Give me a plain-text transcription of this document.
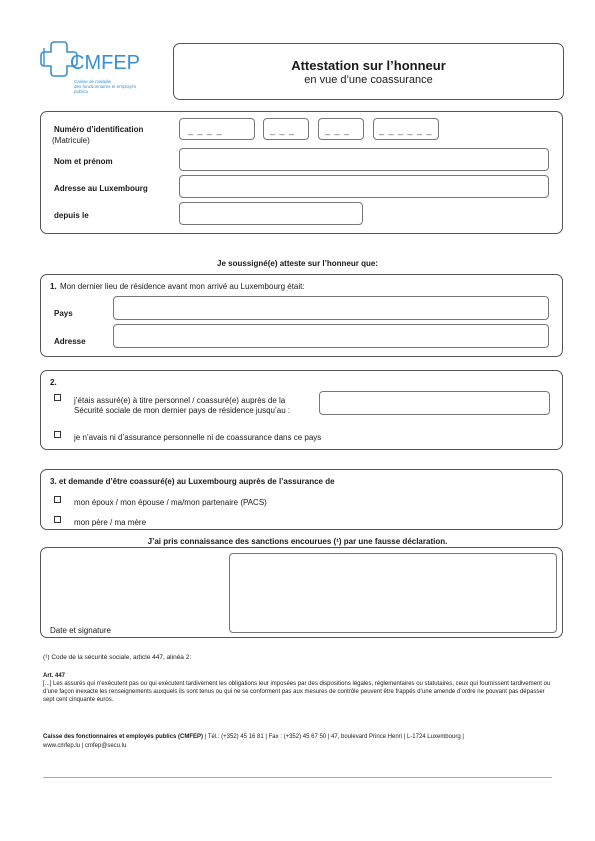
CMFEP
Caisse de maladie
des fonctionnaires et employés
publics
Attestation sur l’honneur
en vue d’une coassurance
Numéro d’identification
(Matricule)
_ _ _ _	_ _ _	_ _ _	_ _ _ _ _ _
Nom et prénom
Adresse au Luxembourg
depuis le
Je soussigné(e) atteste sur l’honneur que:
1. Mon dernier lieu de résidence avant mon arrivé au Luxembourg était:
Pays
Adresse
2.
j’étais assuré(e) à titre personnel / coassuré(e) auprès de la
Sécurité sociale de mon dernier pays de résidence jusqu’au :
je n’avais ni d’assurance personnelle ni de coassurance dans ce pays
3. et demande d’être coassuré(e) au Luxembourg auprès de l’assurance de
mon époux / mon épouse / ma/mon partenaire (PACS)
mon père / ma mère
J’ai pris connaissance des sanctions encourues (¹) par une fausse déclaration.
Date et signature
(¹) Code de la sécurité sociale, article 447, alinéa 2:
Art. 447
[...] Les assurés qui n’exécutent pas ou qui exécutent tardivement les obligations leur imposées par des dispositions légales, réglementaires ou statutaires, ceux qui fournissent tardivement ou d’une façon inexacte les renseignements auxquels ils sont tenus ou qui ne se conforment pas aux mesures de contrôle peuvent être frappés d’une amende d’ordre ne pouvant pas dépasser sept cent cinquante euros.
Caisse des fonctionnaires et employés publics (CMFEP) | Tél.: (+352) 45 16 81 | Fax : (+352) 45 67 50 | 47, boulevard Prince Henri | L-1724 Luxembourg |
www.cmfep.lu | cmfep@secu.lu
